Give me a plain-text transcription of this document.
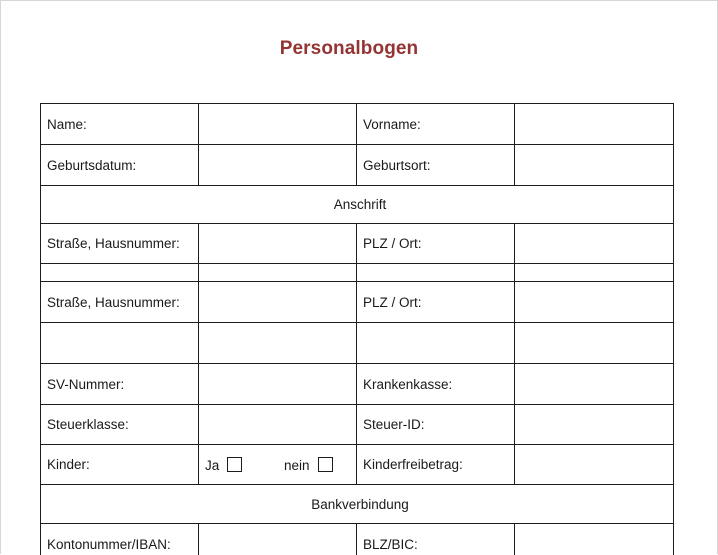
Personalbogen
Name:		Vorname:	
Geburtsdatum:		Geburtsort:	
Anschrift			
Straße, Hausnummer:		PLZ / Ort:	

Straße, Hausnummer:		PLZ / Ort:	

SV-Nummer:		Krankenkasse:	
Steuerklasse:		Steuer-ID:	
Kinder:	Ja nein	Kinderfreibetrag:	
Bankverbindung			
Kontonummer/IBAN:		BLZ/BIC:	
